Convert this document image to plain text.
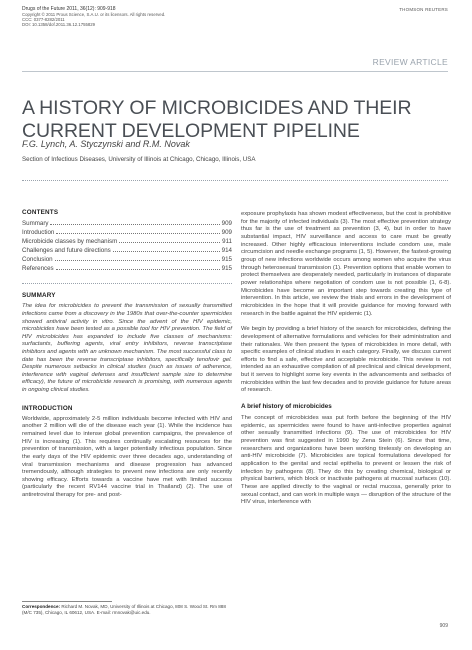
Drugs of the Future 2011, 36(12): 909-918
Copyright © 2011 Prous Science, S.A.U. or its licensors. All rights reserved.
CCC: 0377-8282/2011
DOI: 10.1358/dof.2011.36.12.1755829
THOMSON REUTERS
REVIEW ARTICLE
A HISTORY OF MICROBICIDES AND THEIR CURRENT DEVELOPMENT PIPELINE
F.G. Lynch, A. Styczynski and R.M. Novak
Section of Infectious Diseases, University of Illinois at Chicago, Chicago, Illinois, USA
CONTENTS
Summary	909
Introduction	909
Microbicide classes by mechanism	911
Challenges and future directions	914
Conclusion	915
References	915
SUMMARY

The idea for microbicides to prevent the transmission of sexually transmitted infections came from a discovery in the 1980s that over-the-counter spermicides showed antiviral activity in vitro. Since the advent of the HIV epidemic, microbicides have been tested as a possible tool for HIV prevention. The field of HIV microbicides has expanded to include five classes of mechanisms: surfactants, buffering agents, viral entry inhibitors, reverse transcriptase inhibitors and agents with an unknown mechanism. The most successful class to date has been the reverse transcriptase inhibitors, specifically tenofovir gel. Despite numerous setbacks in clinical studies (such as issues of adherence, interference with vaginal defenses and insufficient sample size to determine efficacy), the future of microbicide research is promising, with numerous agents in ongoing clinical studies.

INTRODUCTION

Worldwide, approximately 2-5 million individuals become infected with HIV and another 2 million will die of the disease each year (1). While the incidence has remained level due to intense global prevention campaigns, the prevalence of HIV is increasing (1). This requires continually escalating resources for the prevention of transmission, with a larger potentially infectious population. Since the early days of the HIV epidemic over three decades ago, understanding of viral transmission mechanisms and disease progression has advanced tremendously, although strategies to prevent new infections are only recently showing efficacy. Efforts towards a vaccine have met with limited success (particularly the recent RV144 vaccine trial in Thailand) (2). The use of antiretroviral therapy for pre- and post-

exposure prophylaxis has shown modest effectiveness, but the cost is prohibitive for the majority of infected individuals (3). The most effective prevention strategy thus far is the use of treatment as prevention (3, 4), but in order to have substantial impact, HIV surveillance and access to care must be greatly increased. Other highly efficacious interventions include condom use, male circumcision and needle exchange programs (1, 5). However, the fastest-growing group of new infections worldwide occurs among women who acquire the virus through heterosexual transmission (1). Prevention options that enable women to protect themselves are desperately needed, particularly in instances of disparate power relationships where negotiation of condom use is not possible (1, 6-8). Microbicides have become an important step towards creating this type of intervention. In this article, we review the trials and errors in the development of microbicides in the hope that it will provide guidance for moving forward with research in the battle against the HIV epidemic (1).

We begin by providing a brief history of the search for microbicides, defining the development of alternative formulations and vehicles for their administration and their rationales. We then present the types of microbicides in more detail, with specific examples of clinical studies in each category. Finally, we discuss current efforts to find a safe, effective and acceptable microbicide. This review is not intended as an exhaustive compilation of all preclinical and clinical development, but it serves to highlight some key events in the advancements and setbacks of microbicides within the last few decades and to provide guidance for future areas of research.

A brief history of microbicides

The concept of microbicides was put forth before the beginning of the HIV epidemic, as spermicides were found to have anti-infective properties against other sexually transmitted infections (9). The use of microbicides for HIV prevention was first suggested in 1990 by Zena Stein (6). Since that time, researchers and organizations have been working tirelessly on developing an anti-HIV microbicide (7). Microbicides are topical formulations developed for application to the genital and rectal epithelia to prevent or lessen the risk of infection by pathogens (8). They do this by creating chemical, biological or physical barriers, which block or inactivate pathogens at mucosal surfaces (10). These are applied directly to the vaginal or rectal mucosa, generally prior to sexual contact, and can work in multiple ways — disruption of the structure of the HIV virus, interference with

Correspondence: Richard M. Novak, MD, University of Illinois at Chicago, 808 S. Wood St. Rm 888 (M/C 735), Chicago, IL 60612, USA. E-mail: rmnovak@uic.edu.
909
